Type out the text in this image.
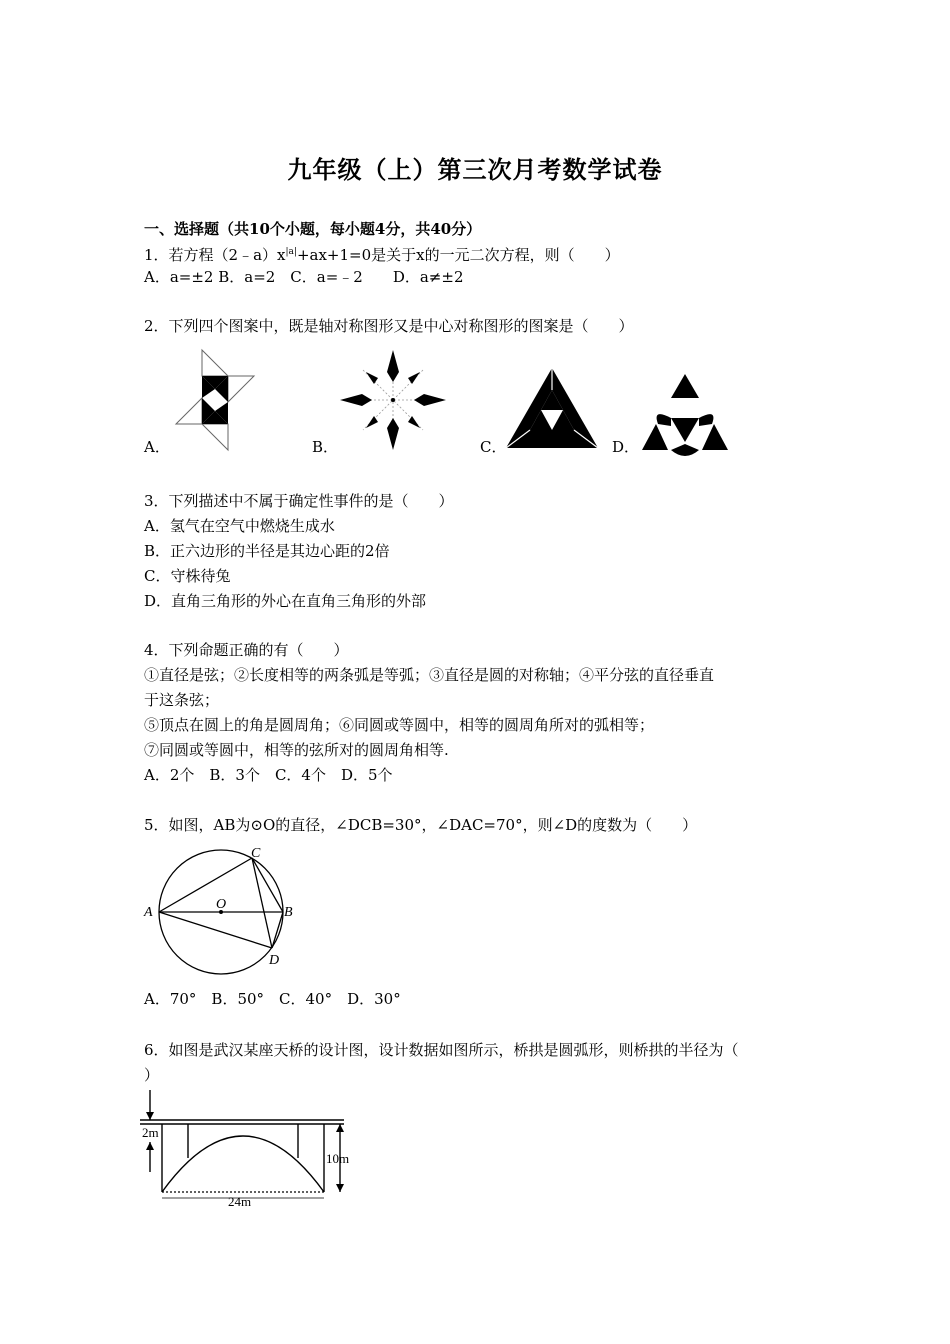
九年级（上）第三次月考数学试卷
一、选择题（共10个小题，每小题4分，共40分）
1．若方程$(2﹣a)x^{|a|}+ax+1=0$是关于x的一元二次方程，则（　　）
A．a=±2 B．a=2　C．a=﹣2　　D．a≠±2
2．下列四个图案中，既是轴对称图形又是中心对称图形的图案是（　　）
A．	B．	C．	D．
3．下列描述中不属于确定性事件的是（　　）
A．氢气在空气中燃烧生成水
B．正六边形的半径是其边心距的2倍
C．守株待兔
D．直角三角形的外心在直角三角形的外部
4．下列命题正确的有（　　）
①直径是弦；②长度相等的两条弧是等弧；③直径是圆的对称轴；④平分弦的直径垂直
于这条弦；
⑤顶点在圆上的角是圆周角；⑥同圆或等圆中，相等的圆周角所对的弧相等；
⑦同圆或等圆中，相等的弦所对的圆周角相等.
A．2个　B．3个　C．4个　D．5个
5．如图，AB为⊙O的直径，∠DCB=30°，∠DAC=70°，则∠D的度数为（　　）
A	B
C
D
O
A．70°　B．50°　C．40°　D．30°
6．如图是武汉某座天桥的设计图，设计数据如图所示，桥拱是圆弧形，则桥拱的半径为（
）
2m
10m
24m
